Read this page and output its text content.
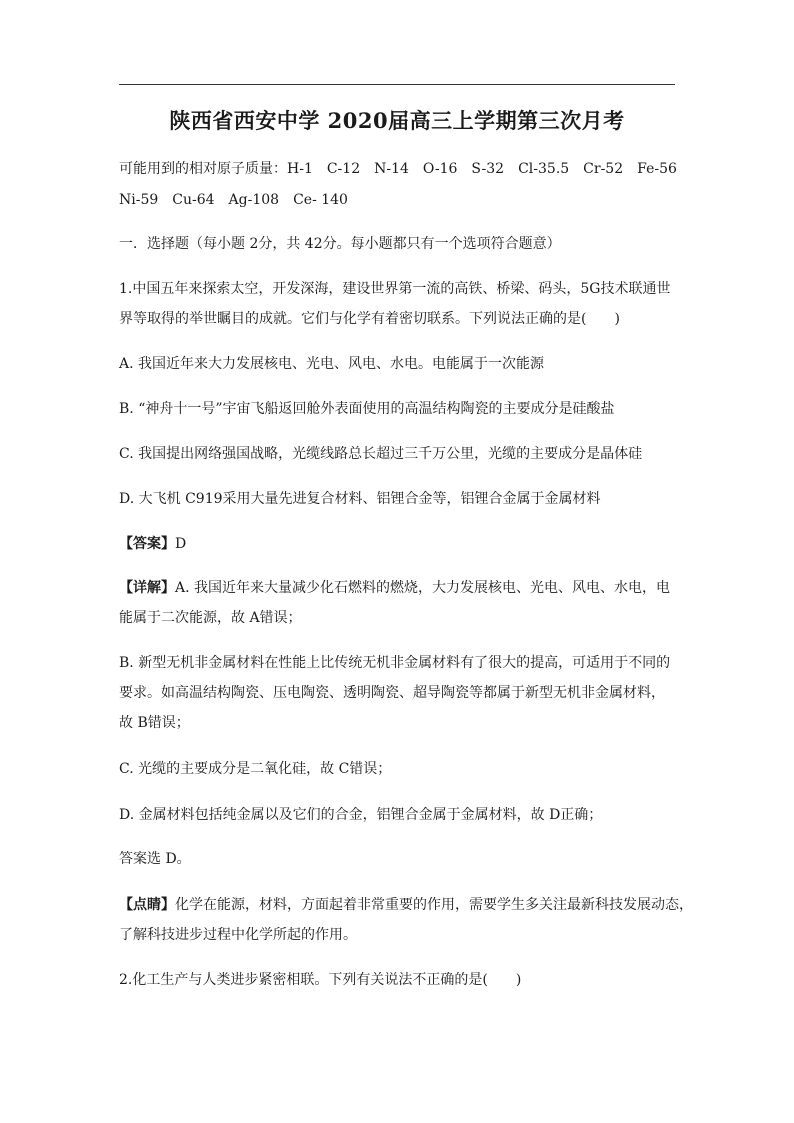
陕西省西安中学 2020届高三上学期第三次月考
可能用到的相对原子质量：H-1　C-12　N-14　O-16　S-32　Cl-35.5　Cr-52　Fe-56
Ni-59　Cu-64　Ag-108　Ce- 140
一．选择题（每小题 2分，共 42分。每小题都只有一个选项符合题意）
1.中国五年来探索太空，开发深海，建设世界第一流的高铁、桥梁、码头，5G技术联通世
界等取得的举世瞩目的成就。它们与化学有着密切联系。下列说法正确的是(　　)
A. 我国近年来大力发展核电、光电、风电、水电。电能属于一次能源
B. “神舟十一号”宇宙飞船返回舱外表面使用的高温结构陶瓷的主要成分是硅酸盐
C. 我国提出网络强国战略，光缆线路总长超过三千万公里，光缆的主要成分是晶体硅
D. 大飞机 C919采用大量先进复合材料、铝锂合金等，铝锂合金属于金属材料
【答案】D
【详解】A. 我国近年来大量减少化石燃料的燃烧，大力发展核电、光电、风电、水电，电
能属于二次能源，故 A错误；
B. 新型无机非金属材料在性能上比传统无机非金属材料有了很大的提高，可适用于不同的
要求。如高温结构陶瓷、压电陶瓷、透明陶瓷、超导陶瓷等都属于新型无机非金属材料，
故 B错误；
C. 光缆的主要成分是二氧化硅，故 C错误；
D. 金属材料包括纯金属以及它们的合金，铝锂合金属于金属材料，故 D正确；
答案选 D。
【点睛】化学在能源，材料，方面起着非常重要的作用，需要学生多关注最新科技发展动态，
了解科技进步过程中化学所起的作用。
2.化工生产与人类进步紧密相联。下列有关说法不正确的是(　　)
